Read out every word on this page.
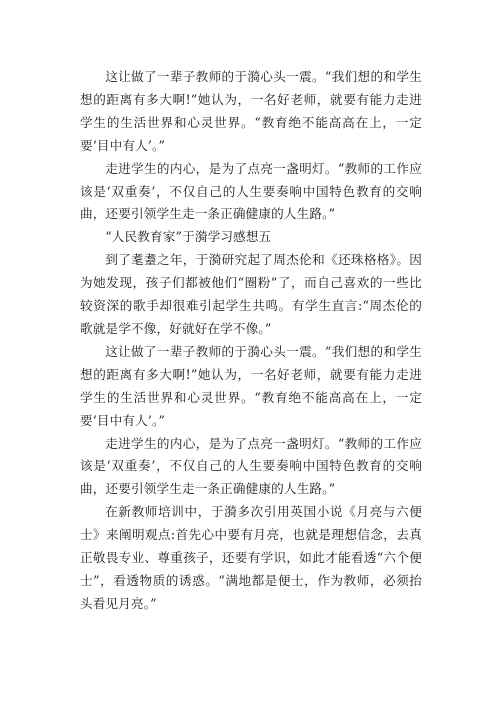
这让做了一辈子教师的于漪心头一震。“我们想的和学生想的距离有多大啊!”她认为，一名好老师，就要有能力走进学生的生活世界和心灵世界。“教育绝不能高高在上，一定要‘目中有人’。”

走进学生的内心，是为了点亮一盏明灯。“教师的工作应该是‘双重奏’，不仅自己的人生要奏响中国特色教育的交响曲，还要引领学生走一条正确健康的人生路。”

“人民教育家”于漪学习感想五

到了耄耋之年，于漪研究起了周杰伦和《还珠格格》。因为她发现，孩子们都被他们“圈粉”了，而自己喜欢的一些比较资深的歌手却很难引起学生共鸣。有学生直言:“周杰伦的歌就是学不像，好就好在学不像。”

这让做了一辈子教师的于漪心头一震。“我们想的和学生想的距离有多大啊!”她认为，一名好老师，就要有能力走进学生的生活世界和心灵世界。“教育绝不能高高在上，一定要‘目中有人’。”

走进学生的内心，是为了点亮一盏明灯。“教师的工作应该是‘双重奏’，不仅自己的人生要奏响中国特色教育的交响曲，还要引领学生走一条正确健康的人生路。”

在新教师培训中，于漪多次引用英国小说《月亮与六便士》来阐明观点:首先心中要有月亮，也就是理想信念，去真正敬畏专业、尊重孩子，还要有学识，如此才能看透“六个便士”，看透物质的诱惑。“满地都是便士，作为教师，必须抬头看见月亮。”
